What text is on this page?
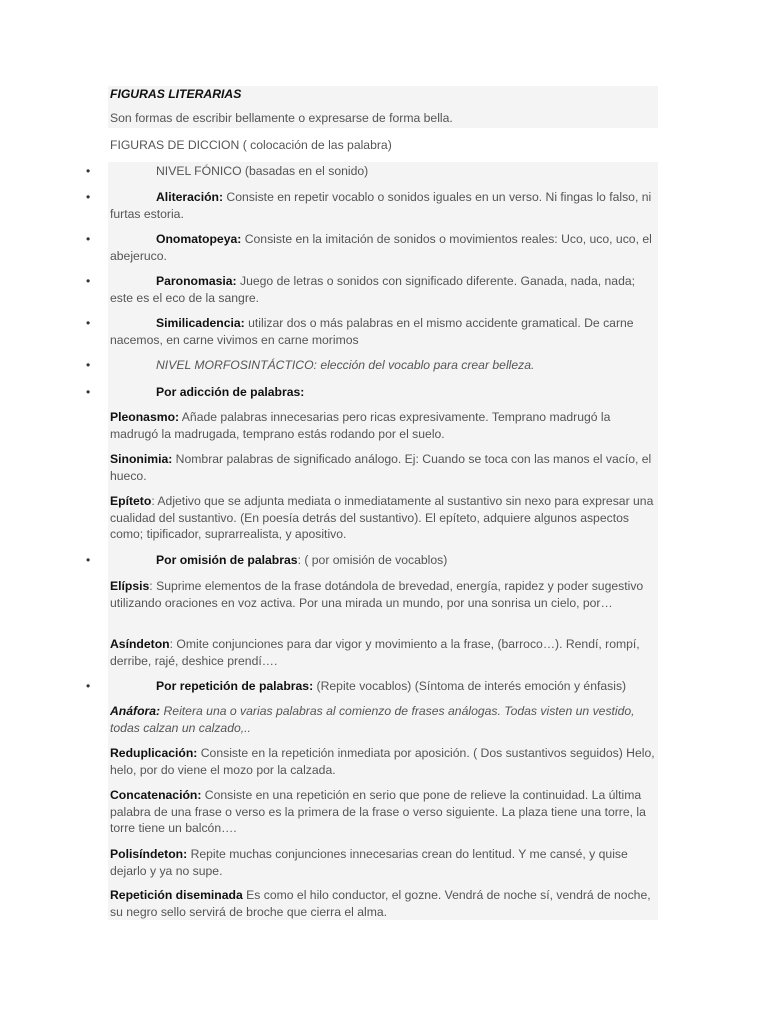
FIGURAS LITERARIAS
Son formas de escribir bellamente o expresarse de forma bella.
FIGURAS DE DICCION ( colocación de las palabra)
•	NIVEL FÓNICO (basadas en el sonido)
•	Aliteración: Consiste en repetir vocablo o sonidos iguales en un verso. Ni fingas lo falso, ni furtas estoria.
•	Onomatopeya: Consiste en la imitación de sonidos o movimientos reales: Uco, uco, uco, el abejeruco.
•	Paronomasia: Juego de letras o sonidos con significado diferente. Ganada, nada, nada; este es el eco de la sangre.
•	Similicadencia: utilizar dos o más palabras en el mismo accidente gramatical. De carne nacemos, en carne vivimos en carne morimos
•	NIVEL MORFOSINTÁCTICO: elección del vocablo para crear belleza.
•	Por adicción de palabras:
Pleonasmo: Añade palabras innecesarias pero ricas expresivamente. Temprano madrugó la madrugó la madrugada, temprano estás rodando por el suelo.
Sinonimia: Nombrar palabras de significado análogo. Ej: Cuando se toca con las manos el vacío, el hueco.
Epíteto: Adjetivo que se adjunta mediata o inmediatamente al sustantivo sin nexo para expresar una cualidad del sustantivo. (En poesía detrás del sustantivo). El epíteto, adquiere algunos aspectos como; tipificador, suprarrealista, y apositivo.
•	Por omisión de palabras: ( por omisión de vocablos)
Elípsis: Suprime elementos de la frase dotándola de brevedad, energía, rapidez y poder sugestivo utilizando oraciones en voz activa. Por una mirada un mundo, por una sonrisa un cielo, por…
Asíndeton: Omite conjunciones para dar vigor y movimiento a la frase, (barroco…). Rendí, rompí, derribe, rajé, deshice prendí….
•	Por repetición de palabras: (Repite vocablos) (Síntoma de interés emoción y énfasis)
Anáfora: Reitera una o varias palabras al comienzo de frases análogas. Todas visten un vestido, todas calzan un calzado,..
Reduplicación: Consiste en la repetición inmediata por aposición. ( Dos sustantivos seguidos) Helo, helo, por do viene el mozo por la calzada.
Concatenación: Consiste en una repetición en serio que pone de relieve la continuidad. La última palabra de una frase o verso es la primera de la frase o verso siguiente. La plaza tiene una torre, la torre tiene un balcón….
Polisíndeton: Repite muchas conjunciones innecesarias crean do lentitud. Y me cansé, y quise dejarlo y ya no supe.
Repetición diseminada Es como el hilo conductor, el gozne. Vendrá de noche sí, vendrá de noche, su negro sello servirá de broche que cierra el alma.
